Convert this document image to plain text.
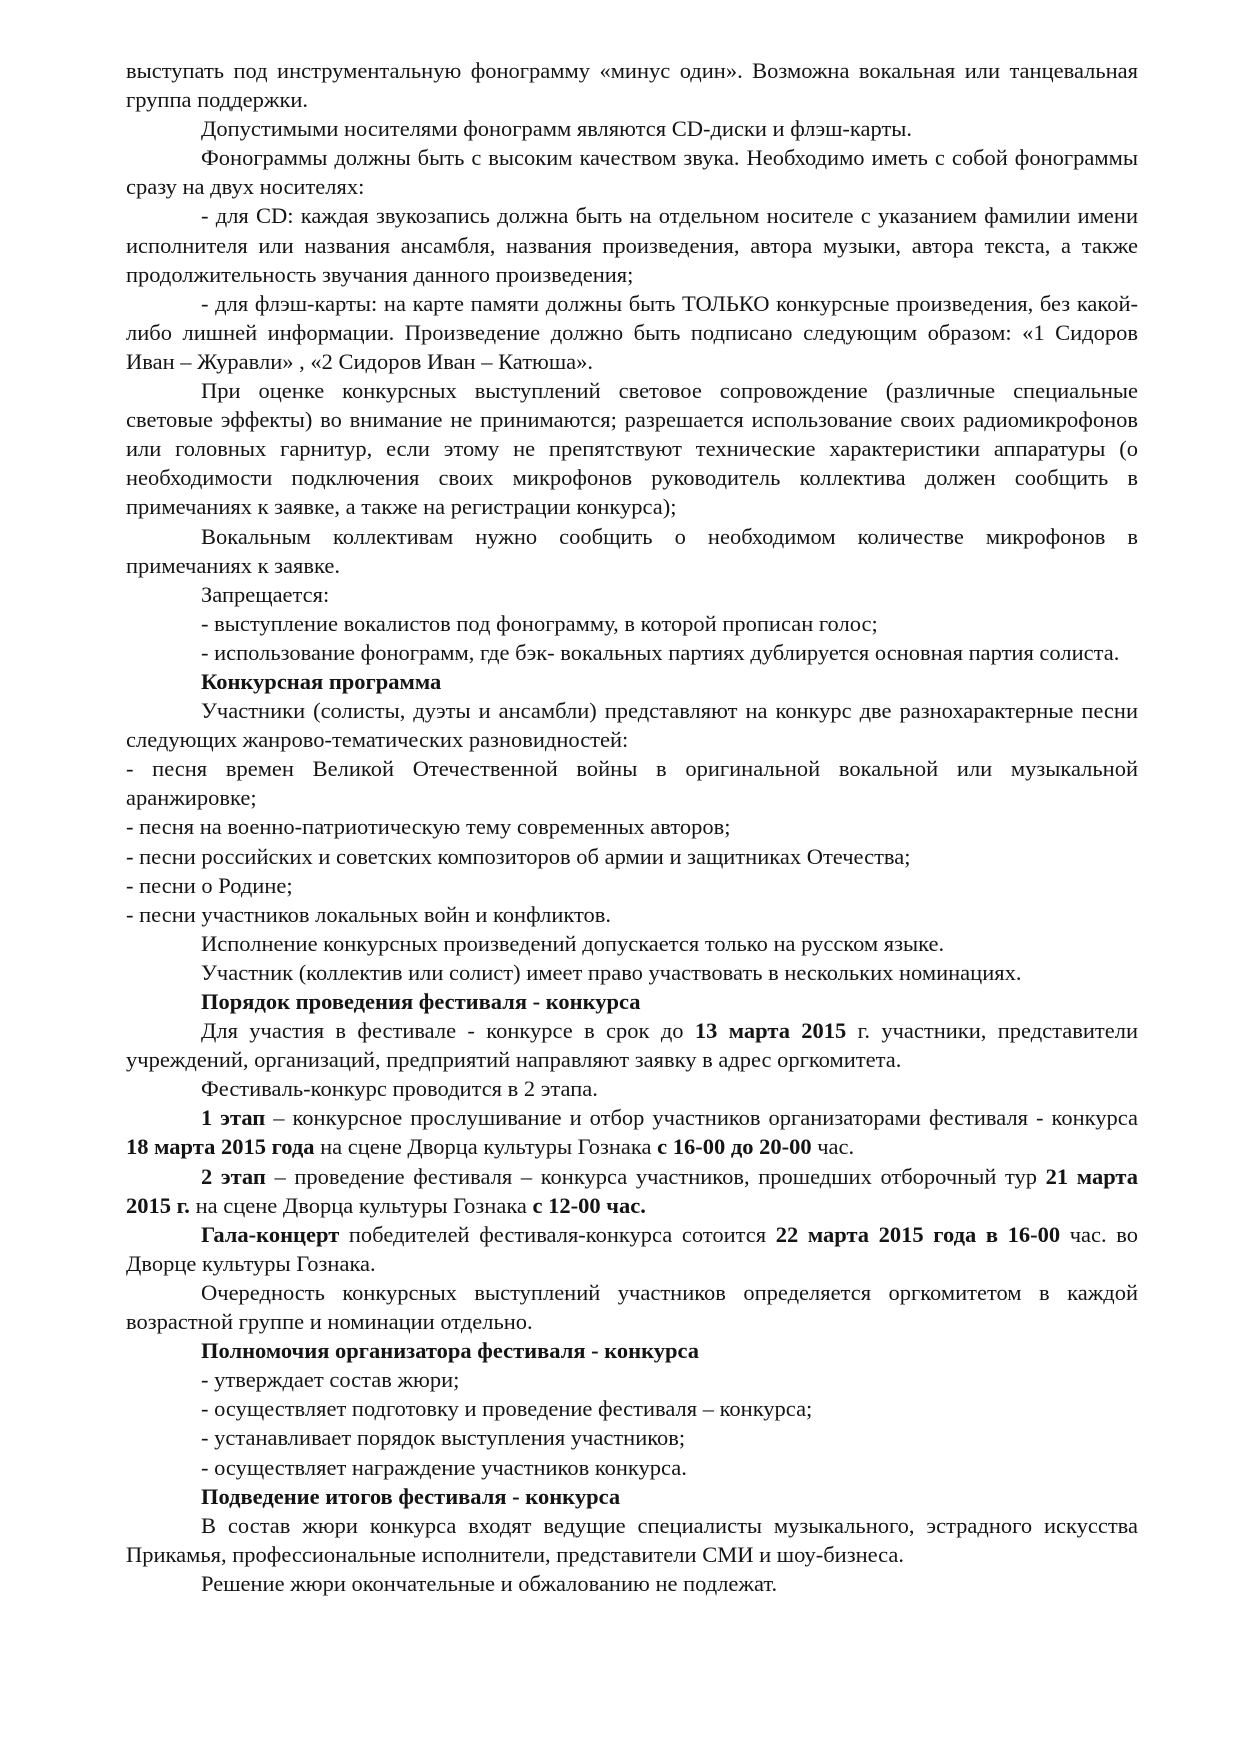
выступать под инструментальную фонограмму «минус один». Возможна вокальная или танцевальная группа поддержки.

Допустимыми носителями фонограмм являются CD-диски и флэш-карты.

Фонограммы должны быть с высоким качеством звука. Необходимо иметь с собой фонограммы сразу на двух носителях:

- для CD: каждая звукозапись должна быть на отдельном носителе с указанием фамилии имени исполнителя или названия ансамбля, названия произведения, автора музыки, автора текста, а также продолжительность звучания данного произведения;

- для флэш-карты: на карте памяти должны быть ТОЛЬКО конкурсные произведения, без какой-либо лишней информации. Произведение должно быть подписано следующим образом: «1 Сидоров Иван – Журавли» , «2 Сидоров Иван – Катюша».

При оценке конкурсных выступлений световое сопровождение (различные специальные световые эффекты) во внимание не принимаются; разрешается использование своих радиомикрофонов или головных гарнитур, если этому не препятствуют технические характеристики аппаратуры (о необходимости подключения своих микрофонов руководитель коллектива должен сообщить в примечаниях к заявке, а также на регистрации конкурса);

Вокальным коллективам нужно сообщить о необходимом количестве микрофонов в примечаниях к заявке.

Запрещается:

- выступление вокалистов под фонограмму, в которой прописан голос;

- использование фонограмм, где бэк- вокальных партиях дублируется основная партия солиста.

Конкурсная программа

Участники (солисты, дуэты и ансамбли) представляют на конкурс две разнохарактерные песни следующих жанрово-тематических разновидностей:

- песня времен Великой Отечественной войны в оригинальной вокальной или музыкальной аранжировке;

- песня на военно-патриотическую тему современных авторов;

- песни российских и советских композиторов об армии и защитниках Отечества;

- песни о Родине;

- песни участников локальных войн и конфликтов.

Исполнение конкурсных произведений допускается только на русском языке.

Участник (коллектив или солист) имеет право участвовать в нескольких номинациях.

Порядок проведения фестиваля - конкурса

Для участия в фестивале - конкурсе в срок до 13 марта 2015 г. участники, представители учреждений, организаций, предприятий направляют заявку в адрес оргкомитета.

Фестиваль-конкурс проводится в 2 этапа.

1 этап – конкурсное прослушивание и отбор участников организаторами фестиваля - конкурса 18 марта 2015 года на сцене Дворца культуры Гознака с 16-00 до 20-00 час.

2 этап – проведение фестиваля – конкурса участников, прошедших отборочный тур 21 марта 2015 г. на сцене Дворца культуры Гознака с 12-00 час.

Гала-концерт победителей фестиваля-конкурса сотоится 22 марта 2015 года в 16-00 час. во Дворце культуры Гознака.

Очередность конкурсных выступлений участников определяется оргкомитетом в каждой возрастной группе и номинации отдельно.

Полномочия организатора фестиваля - конкурса

- утверждает состав жюри;

- осуществляет подготовку и проведение фестиваля – конкурса;

- устанавливает порядок выступления участников;

- осуществляет награждение участников конкурса.

Подведение итогов фестиваля - конкурса

В состав жюри конкурса входят ведущие специалисты музыкального, эстрадного искусства Прикамья, профессиональные исполнители, представители СМИ и шоу-бизнеса.

Решение жюри окончательные и обжалованию не подлежат.
